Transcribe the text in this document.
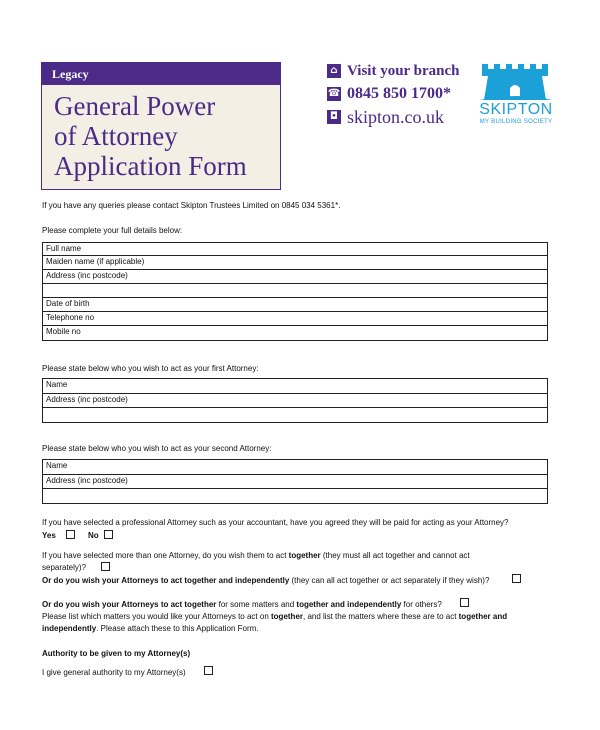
Legacy
General Power
of Attorney
Application Form
⌂ Visit your branch
☎ 0845 850 1700*
◘ skipton.co.uk	SKIPTON
MY BUILDING SOCIETY
If you have any queries please contact Skipton Trustees Limited on 0845 034 5361*.
Please complete your full details below:
Full name
Maiden name (if applicable)
Address (inc postcode)
Date of birth
Telephone no
Mobile no
Please state below who you wish to act as your first Attorney:
Name
Address (inc postcode)
Please state below who you wish to act as your second Attorney:
Name
Address (inc postcode)
If you have selected a professional Attorney such as your accountant, have you agreed they will be paid for acting as your Attorney?
Yes	No
If you have selected more than one Attorney, do you wish them to act together (they must all act together and cannot act
separately)?
Or do you wish your Attorneys to act together and independently (they can all act together or act separately if they wish)?
Or do you wish your Attorneys to act together for some matters and together and independently for others?
Please list which matters you would like your Attorneys to act on together, and list the matters where these are to act together and
independently. Please attach these to this Application Form.
Authority to be given to my Attorney(s)
I give general authority to my Attorney(s)
